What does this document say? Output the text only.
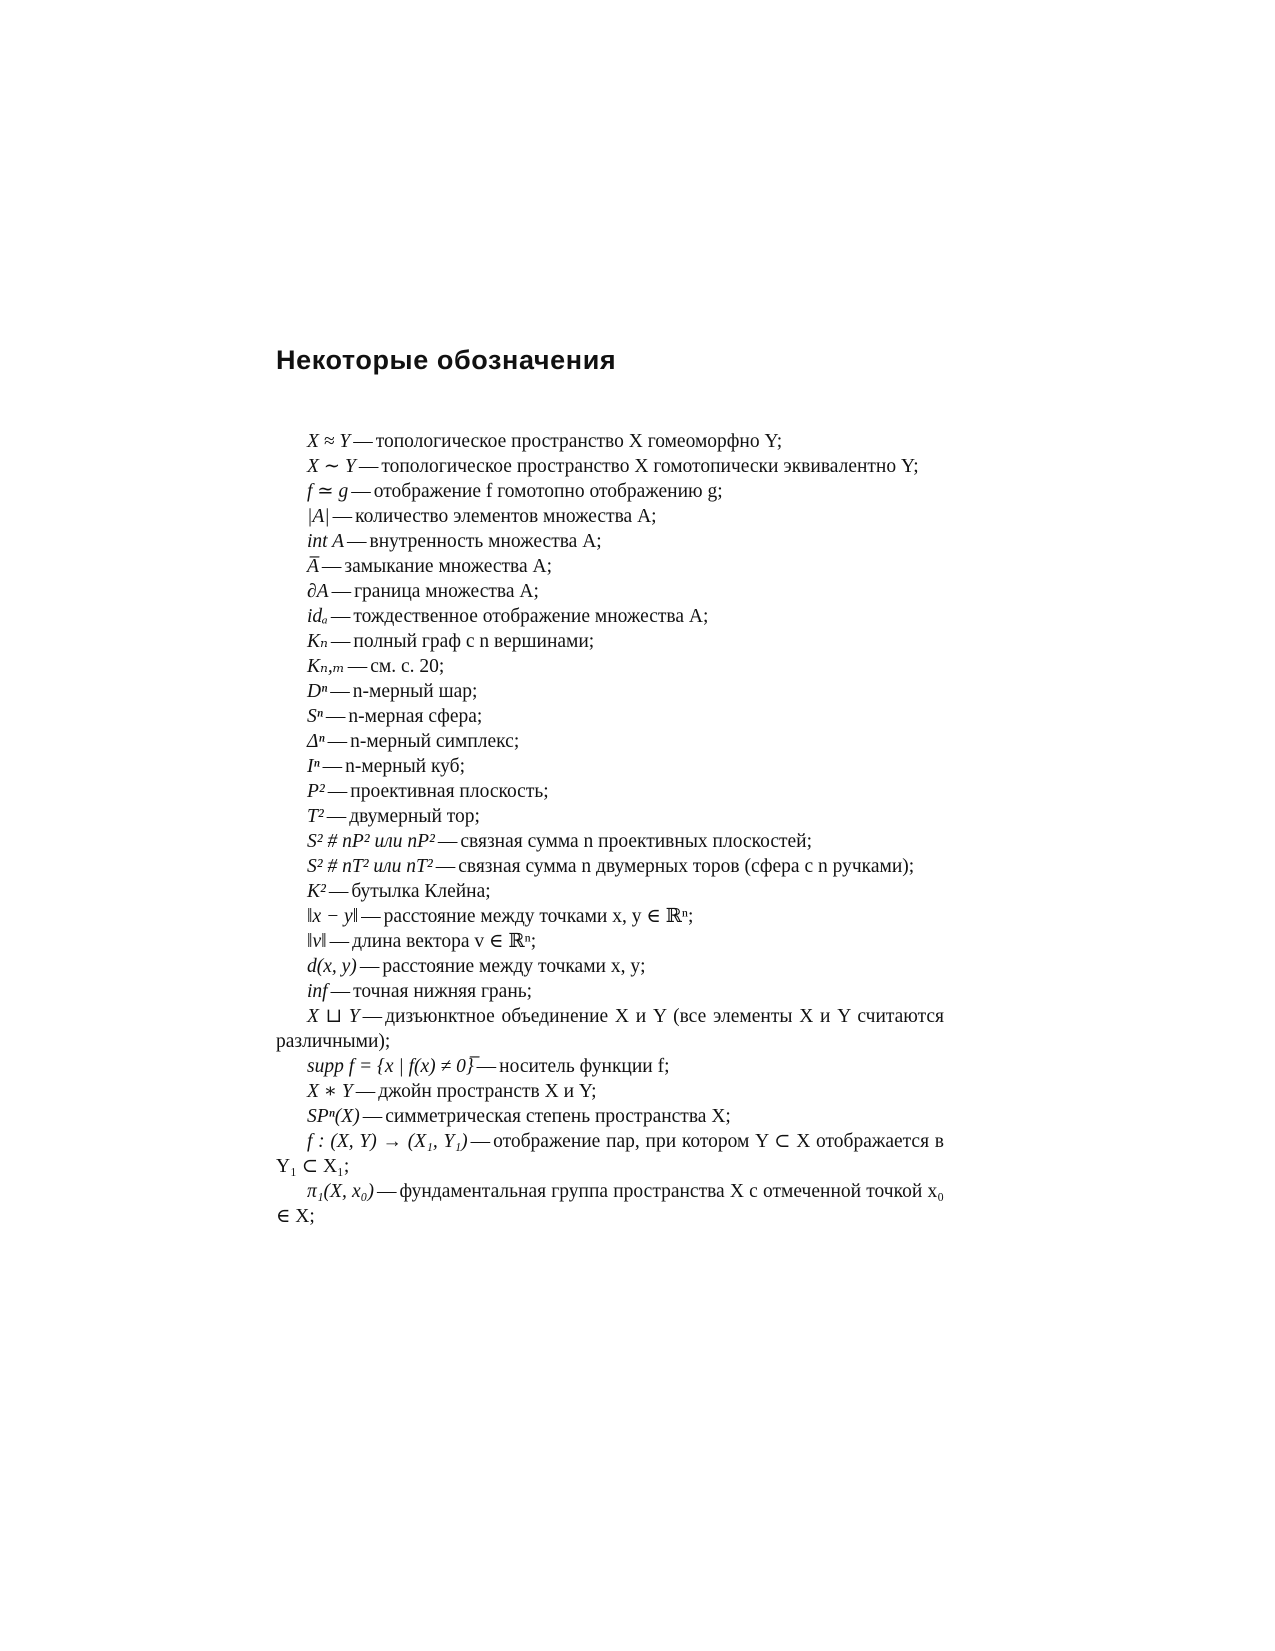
Некоторые обозначения

X ≈ Y — топологическое пространство X гомеоморфно Y;

X ∼ Y — топологическое пространство X гомотопически эквивалентно Y;

f ≃ g — отображение f гомотопно отображению g;

|A| — количество элементов множества A;

int A — внутренность множества A;

A̅ — замыкание множества A;

∂A — граница множества A;

idₐ — тождественное отображение множества A;

Kₙ — полный граф с n вершинами;

Kₙ,ₘ — см. с. 20;

Dⁿ — n-мерный шар;

Sⁿ — n-мерная сфера;

Δⁿ — n-мерный симплекс;

Iⁿ — n-мерный куб;

P² — проективная плоскость;

T² — двумерный тор;

S² # nP² или nP² — связная сумма n проективных плоскостей;

S² # nT² или nT² — связная сумма n двумерных торов (сфера с n ручками);

K² — бутылка Клейна;

‖x − y‖ — расстояние между точками x, y ∈ ℝⁿ;

‖v‖ — длина вектора v ∈ ℝⁿ;

d(x, y) — расстояние между точками x, y;

inf — точная нижняя грань;

X ⊔ Y — дизъюнктное объединение X и Y (все элементы X и Y считаются различными);

supp f = {x | f(x) ≠ 0}̅ — носитель функции f;

X ∗ Y — джойн пространств X и Y;

SPⁿ(X) — симметрическая степень пространства X;

f : (X, Y) → (X₁, Y₁) — отображение пар, при котором Y ⊂ X отображается в Y₁ ⊂ X₁;

π₁(X, x₀) — фундаментальная группа пространства X с отмеченной точкой x₀ ∈ X;
